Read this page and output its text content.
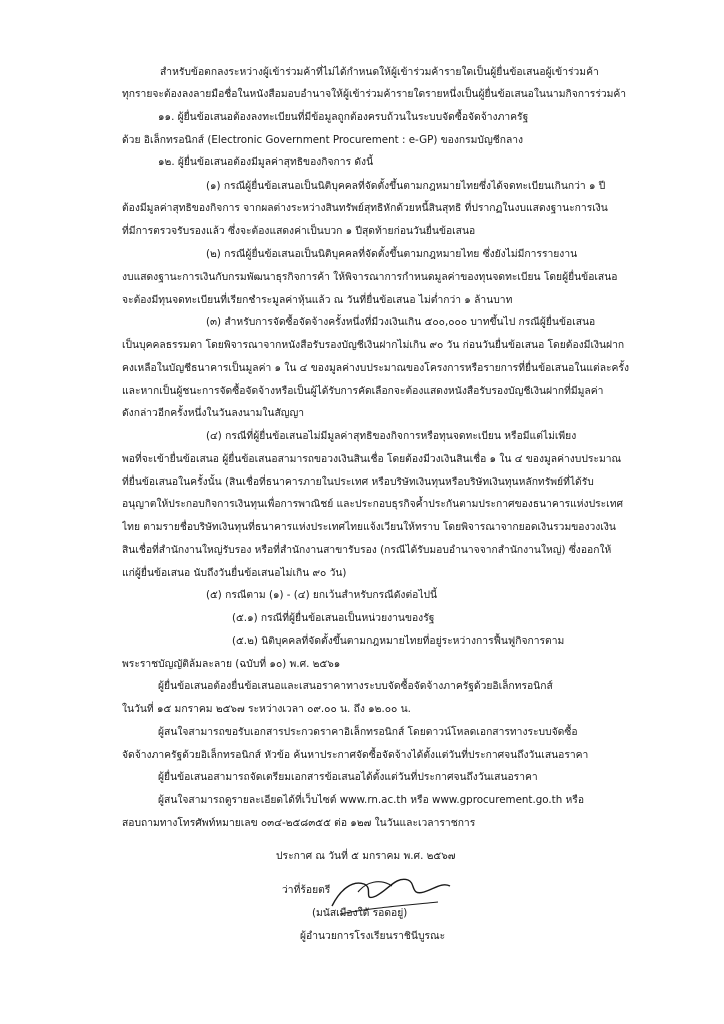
สำหรับข้อตกลงระหว่างผู้เข้าร่วมค้าที่ไม่ได้กำหนดให้ผู้เข้าร่วมค้ารายใดเป็นผู้ยื่นข้อเสนอผู้เข้าร่วมค้า
ทุกรายจะต้องลงลายมือชื่อในหนังสือมอบอำนาจให้ผู้เข้าร่วมค้ารายใดรายหนึ่งเป็นผู้ยื่นข้อเสนอในนามกิจการร่วมค้า
๑๑. ผู้ยื่นข้อเสนอต้องลงทะเบียนที่มีข้อมูลถูกต้องครบถ้วนในระบบจัดซื้อจัดจ้างภาครัฐ
ด้วย อิเล็กทรอนิกส์ (Electronic Government Procurement : e-GP) ของกรมบัญชีกลาง
๑๒. ผู้ยื่นข้อเสนอต้องมีมูลค่าสุทธิของกิจการ ดังนี้
(๑) กรณีผู้ยื่นข้อเสนอเป็นนิติบุคคลที่จัดตั้งขึ้นตามกฎหมายไทยซึ่งได้จดทะเบียนเกินกว่า ๑ ปี
ต้องมีมูลค่าสุทธิของกิจการ จากผลต่างระหว่างสินทรัพย์สุทธิหักด้วยหนี้สินสุทธิ ที่ปรากฏในงบแสดงฐานะการเงิน
ที่มีการตรวจรับรองแล้ว ซึ่งจะต้องแสดงค่าเป็นบวก ๑ ปีสุดท้ายก่อนวันยื่นข้อเสนอ
(๒) กรณีผู้ยื่นข้อเสนอเป็นนิติบุคคลที่จัดตั้งขึ้นตามกฎหมายไทย ซึ่งยังไม่มีการรายงาน
งบแสดงฐานะการเงินกับกรมพัฒนาธุรกิจการค้า ให้พิจารณาการกำหนดมูลค่าของทุนจดทะเบียน โดยผู้ยื่นข้อเสนอ
จะต้องมีทุนจดทะเบียนที่เรียกชำระมูลค่าหุ้นแล้ว ณ วันที่ยื่นข้อเสนอ ไม่ต่ำกว่า ๑ ล้านบาท
(๓) สำหรับการจัดซื้อจัดจ้างครั้งหนึ่งที่มีวงเงินเกิน ๕๐๐,๐๐๐ บาทขึ้นไป กรณีผู้ยื่นข้อเสนอ
เป็นบุคคลธรรมดา โดยพิจารณาจากหนังสือรับรองบัญชีเงินฝากไม่เกิน ๙๐ วัน ก่อนวันยื่นข้อเสนอ โดยต้องมีเงินฝาก
คงเหลือในบัญชีธนาคารเป็นมูลค่า ๑ ใน ๔ ของมูลค่างบประมาณของโครงการหรือรายการที่ยื่นข้อเสนอในแต่ละครั้ง
และหากเป็นผู้ชนะการจัดซื้อจัดจ้างหรือเป็นผู้ได้รับการคัดเลือกจะต้องแสดงหนังสือรับรองบัญชีเงินฝากที่มีมูลค่า
ดังกล่าวอีกครั้งหนึ่งในวันลงนามในสัญญา
(๔) กรณีที่ผู้ยื่นข้อเสนอไม่มีมูลค่าสุทธิของกิจการหรือทุนจดทะเบียน หรือมีแต่ไม่เพียง
พอที่จะเข้ายื่นข้อเสนอ ผู้ยื่นข้อเสนอสามารถขอวงเงินสินเชื่อ โดยต้องมีวงเงินสินเชื่อ ๑ ใน ๔ ของมูลค่างบประมาณ
ที่ยื่นข้อเสนอในครั้งนั้น (สินเชื่อที่ธนาคารภายในประเทศ หรือบริษัทเงินทุนหรือบริษัทเงินทุนหลักทรัพย์ที่ได้รับ
อนุญาตให้ประกอบกิจการเงินทุนเพื่อการพาณิชย์ และประกอบธุรกิจค้ำประกันตามประกาศของธนาคารแห่งประเทศ
ไทย ตามรายชื่อบริษัทเงินทุนที่ธนาคารแห่งประเทศไทยแจ้งเวียนให้ทราบ โดยพิจารณาจากยอดเงินรวมของวงเงิน
สินเชื่อที่สำนักงานใหญ่รับรอง หรือที่สำนักงานสาขารับรอง (กรณีได้รับมอบอำนาจจากสำนักงานใหญ่) ซึ่งออกให้
แก่ผู้ยื่นข้อเสนอ นับถึงวันยื่นข้อเสนอไม่เกิน ๙๐ วัน)
(๕) กรณีตาม (๑) - (๔) ยกเว้นสำหรับกรณีดังต่อไปนี้
(๕.๑) กรณีที่ผู้ยื่นข้อเสนอเป็นหน่วยงานของรัฐ
(๕.๒) นิติบุคคลที่จัดตั้งขึ้นตามกฎหมายไทยที่อยู่ระหว่างการฟื้นฟูกิจการตาม
พระราชบัญญัติล้มละลาย (ฉบับที่ ๑๐) พ.ศ. ๒๕๖๑
ผู้ยื่นข้อเสนอต้องยื่นข้อเสนอและเสนอราคาทางระบบจัดซื้อจัดจ้างภาครัฐด้วยอิเล็กทรอนิกส์
ในวันที่ ๑๕ มกราคม ๒๕๖๗ ระหว่างเวลา ๐๙.๐๐ น. ถึง ๑๒.๐๐ น.
ผู้สนใจสามารถขอรับเอกสารประกวดราคาอิเล็กทรอนิกส์ โดยดาวน์โหลดเอกสารทางระบบจัดซื้อ
จัดจ้างภาครัฐด้วยอิเล็กทรอนิกส์ หัวข้อ ค้นหาประกาศจัดซื้อจัดจ้างได้ตั้งแต่วันที่ประกาศจนถึงวันเสนอราคา
ผู้ยื่นข้อเสนอสามารถจัดเตรียมเอกสารข้อเสนอได้ตั้งแต่วันที่ประกาศจนถึงวันเสนอราคา
ผู้สนใจสามารถดูรายละเอียดได้ที่เว็บไซต์ www.rn.ac.th หรือ www.gprocurement.go.th หรือ
สอบถามทางโทรศัพท์หมายเลข ๐๓๔-๒๕๘๓๕๕ ต่อ ๑๒๗ ในวันและเวลาราชการ
ประกาศ ณ วันที่ ๕ มกราคม พ.ศ. ๒๕๖๗
ว่าที่ร้อยตรี
(มนัสเมืองใต้ รอดอยู่)
ผู้อำนวยการโรงเรียนราชินีบูรณะ
